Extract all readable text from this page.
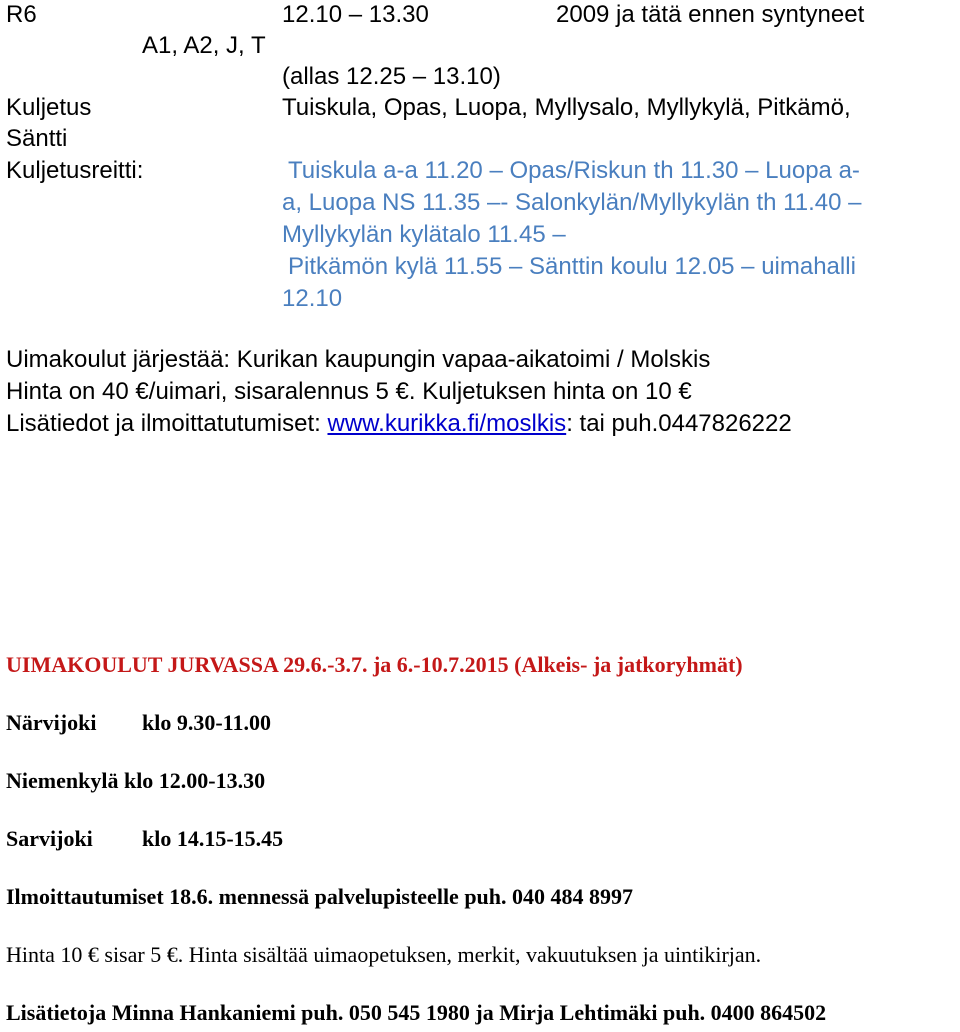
R6	12.10 – 13.30	2009 ja tätä ennen syntyneet
A1, A2, J, T
(allas 12.25 – 13.10)
Kuljetus	Tuiskula, Opas, Luopa, Myllysalo, Myllykylä, Pitkämö,
Säntti
Kuljetusreitti:	Tuiskula a-a 11.20 – Opas/Riskun th 11.30 – Luopa a-
a, Luopa NS 11.35 –- Salonkylän/Myllykylän th 11.40 –
Myllykylän kylätalo 11.45 –
Pitkämön kylä 11.55 – Sänttin koulu 12.05 – uimahalli
12.10
Uimakoulut järjestää: Kurikan kaupungin vapaa-aikatoimi / Molskis
Hinta on 40 €/uimari, sisaralennus 5 €. Kuljetuksen hinta on 10 €
Lisätiedot ja ilmoittatutumiset: www.kurikka.fi/moslkis: tai puh.0447826222
UIMAKOULUT JURVASSA 29.6.-3.7. ja 6.-10.7.2015 (Alkeis- ja jatkoryhmät)
Närvijoki klo 9.30-11.00
Niemenkylä klo 12.00-13.30
Sarvijoki klo 14.15-15.45
Ilmoittautumiset 18.6. mennessä palvelupisteelle puh. 040 484 8997
Hinta 10 € sisar 5 €. Hinta sisältää uimaopetuksen, merkit, vakuutuksen ja uintikirjan.
Lisätietoja Minna Hankaniemi puh. 050 545 1980 ja Mirja Lehtimäki puh. 0400 864502
